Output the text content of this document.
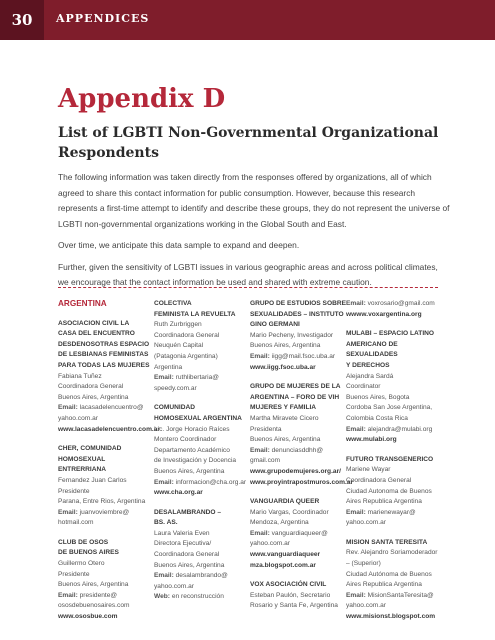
30 APPENDICES
Appendix D
List of LGBTI Non-Governmental Organizational Respondents

The following information was taken directly from the responses offered by organizations, all of which agreed to share this contact information for public consumption. However, because this research represents a first-time attempt to identify and describe these groups, they do not represent the universe of LGBTI non-governmental organizations working in the Global South and East.

Over time, we anticipate this data sample to expand and deepen.

Further, given the sensitivity of LGBTI issues in various geographic areas and across political climates, we encourage that the contact information be used and shared with extreme caution.

ARGENTINA
ASOCIACION CIVIL LA
CASA DEL ENCUENTRO
DESDENOSOTRAS ESPACIO
DE LESBIANAS FEMINISTAS
PARA TODAS LAS MUJERES
Fabiana Tuñez
Coordinadora General
Buenos Aires, Argentina
Email: lacasadelencuentro@
yahoo.com.ar
www.lacasadelencuentro.com.ar
CHER, COMUNIDAD
HOMOSEXUAL ENTRERRIANA
Fernandez Juan Carlos
Presidente
Parana, Entre Rios, Argentina
Email: juanvoviembre@
hotmail.com
CLUB DE OSOS
DE BUENOS AIRES
Guillermo Otero
Presidente
Buenos Aires, Argentina
Email: presidente@
ososdebuenosaires.com
www.ososbue.com
COLECTIVA
FEMINISTA LA REVUELTA
Ruth Zurbriggen
Coordinadora General
Neuquén Capital
(Patagonia Argentina)
Argentina
Email: ruthlibertaria@
speedy.com.ar
COMUNIDAD
HOMOSEXUAL ARGENTINA
Lic. Jorge Horacio Raíces
Montero Coordinador
Departamento Académico
de Investigación y Docencia
Buenos Aires, Argentina
Email: informacion@cha.org.ar
www.cha.org.ar
DESALAMBRANDO –
BS. AS.
Laura Valeria Even
Directora Ejecutiva/
Coordinadora General
Buenos Aires, Argentina
Email: desalambrando@
yahoo.com.ar
Web: en reconstrucción
GRUPO DE ESTUDIOS SOBRE
SEXUALIDADES – INSTITUTO
GINO GERMANI
Mario Pecheny, Investigador
Buenos Aires, Argentina
Email: iigg@mail.fsoc.uba.ar
www.iigg.fsoc.uba.ar
GRUPO DE MUJERES DE LA
ARGENTINA – FORO DE VIH
MUJERES Y FAMILIA
Martha Miravete Cicero
Presidenta
Buenos Aires, Argentina
Email: denunciasddhh@
gmail.com
www.grupodemujeres.org.ar/
www.proyintrapostmuros.com.ar
VANGUARDIA QUEER
Mario Vargas, Coordinador
Mendoza, Argentina
Email: vanguardiaqueer@
yahoo.com.ar
www.vanguardiaqueer
mza.blogspot.com.ar
VOX ASOCIACIÓN CIVIL
Esteban Paulón, Secretario
Rosario y Santa Fe, Argentina
Email: voxrosario@gmail.com
wwww.voxargentina.org
MULABI – ESPACIO LATINO
AMERICANO DE SEXUALIDADES
Y DERECHOS
Alejandra Sardá
Coordinator
Buenos Aires, Bogota
Cordoba San Jose Argentina,
Colombia Costa Rica
Email: alejandra@mulabi.org
www.mulabi.org
FUTURO TRANSGENERICO
Mariene Wayar
Coordinadora General
Ciudad Autonoma de Buenos
Aires Republica Argentina
Email: marienewayar@
yahoo.com.ar
MISION SANTA TERESITA
Rev. Alejandro Soriamoderador
– (Superior)
Ciudad Autónoma de Buenos
Aires Republica Argentina
Email: MisionSantaTeresita@
yahoo.com.ar
www.misionst.blogspot.com
